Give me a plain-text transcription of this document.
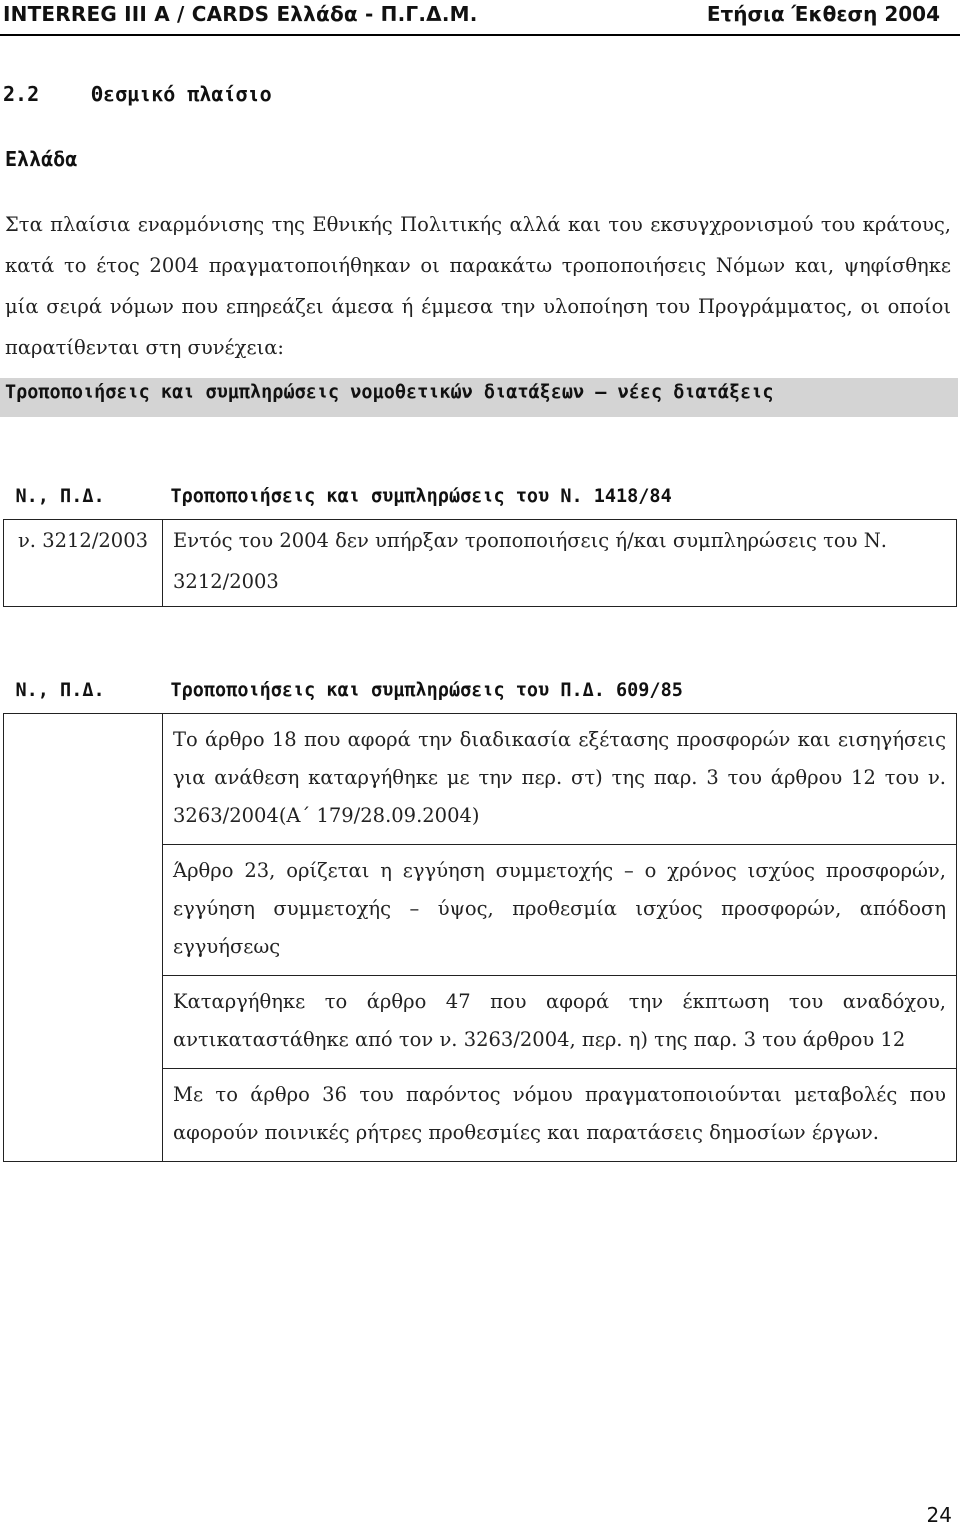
INTERREG III A / CARDS Ελλάδα - Π.Γ.Δ.Μ.	Ετήσια Έκθεση 2004
2.2	Θεσμικό πλαίσιο
Ελλάδα
Στα πλαίσια εναρμόνισης της Εθνικής Πολιτικής αλλά και του εκσυγχρονισμού του κράτους, κατά το έτος 2004 πραγματοποιήθηκαν οι παρακάτω τροποποιήσεις Νόμων και, ψηφίσθηκε μία σειρά νόμων που επηρεάζει άμεσα ή έμμεσα την υλοποίηση του Προγράμματος, οι οποίοι παρατίθενται στη συνέχεια:
Τροποποιήσεις και συμπληρώσεις νομοθετικών διατάξεων – νέες διατάξεις
Ν., Π.Δ.	Τροποποιήσεις και συμπληρώσεις του Ν. 1418/84
ν. 3212/2003	Εντός του 2004 δεν υπήρξαν τροποποιήσεις ή/και συμπληρώσεις του Ν. 3212/2003
Ν., Π.Δ.	Τροποποιήσεις και συμπληρώσεις του Π.Δ. 609/85
	Το άρθρο 18 που αφορά την διαδικασία εξέτασης προσφορών και εισηγήσεις για ανάθεση καταργήθηκε με την περ. στ) της παρ. 3 του άρθρου 12 του ν. 3263/2004(Α΄ 179/28.09.2004)
	Άρθρο 23, ορίζεται η εγγύηση συμμετοχής – ο χρόνος ισχύος προσφορών, εγγύηση συμμετοχής – ύψος, προθεσμία ισχύος προσφορών, απόδοση εγγυήσεως
	Καταργήθηκε το άρθρο 47 που αφορά την έκπτωση του αναδόχου, αντικαταστάθηκε από τον ν. 3263/2004, περ. η) της παρ. 3 του άρθρου 12
	Με το άρθρο 36 του παρόντος νόμου πραγματοποιούνται μεταβολές που αφορούν ποινικές ρήτρες προθεσμίες και παρατάσεις δημοσίων έργων.
24
